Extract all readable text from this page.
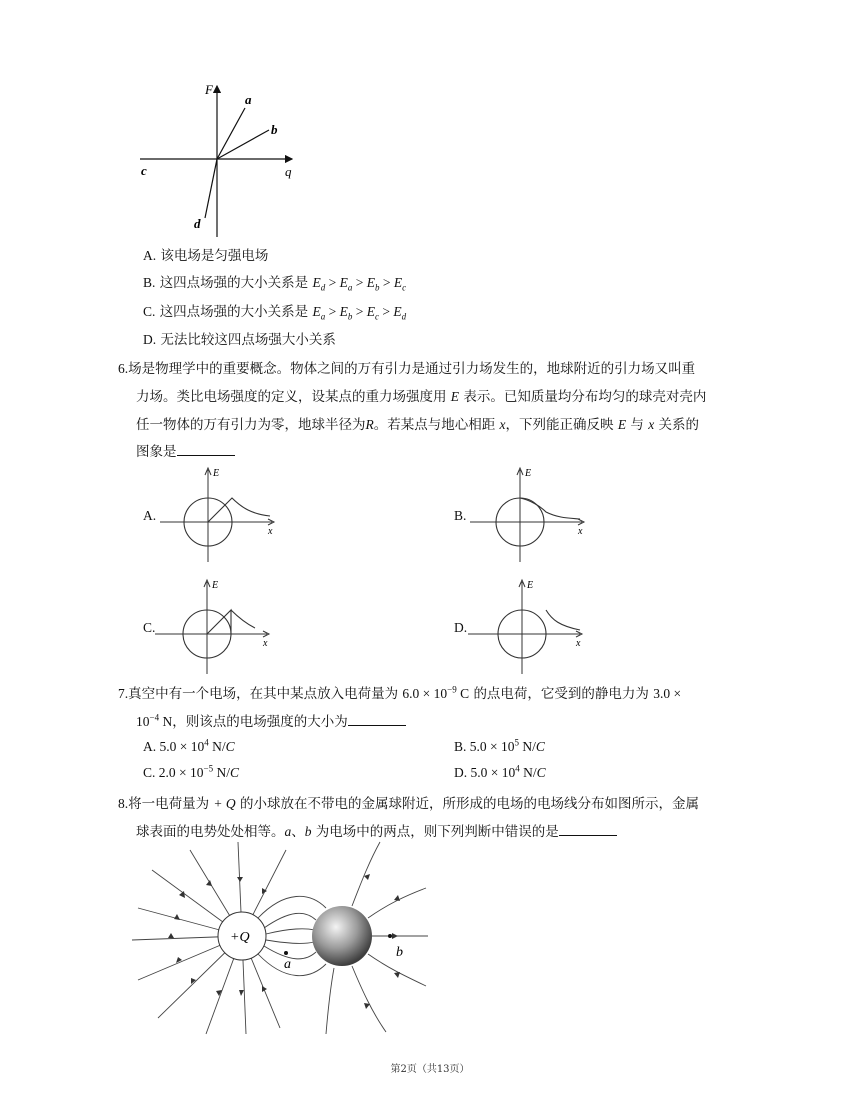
F
q
a
b
c
d
A. 该电场是匀强电场
B. 这四点场强的大小关系是 $E_d > E_a > E_b > E_c$
C. 这四点场强的大小关系是 $E_a > E_b > E_c > E_d$
D. 无法比较这四点场强大小关系
6.场是物理学中的重要概念。物体之间的万有引力是通过引力场发生的，地球附近的引力场又叫重
力场。类比电场强度的定义，设某点的重力场强度用 E 表示。已知质量均分布均匀的球壳对壳内
任一物体的万有引力为零，地球半径为R。若某点与地心相距 x，下列能正确反映 E 与 x 关系的
图象是
A.	B.
C.	D.
E
x
E
x
E
x
E
x
7.真空中有一个电场，在其中某点放入电荷量为 $6.0 \times 10^{-9}$ C 的点电荷，它受到的静电力为 3.0 ×
$10^{-4}$ N，则该点的电场强度的大小为
A. $5.0 \times 10^4$ N/C	B. $5.0 \times 10^5$ N/C
C. $2.0 \times 10^{-5}$ N/C	D. $5.0 \times 10^4$ N/C
8.将一电荷量为 + Q 的小球放在不带电的金属球附近，所形成的电场的电场线分布如图所示，金属
球表面的电势处处相等。a、b 为电场中的两点，则下列判断中错误的是
+Q
a
b
第2页（共13页）
